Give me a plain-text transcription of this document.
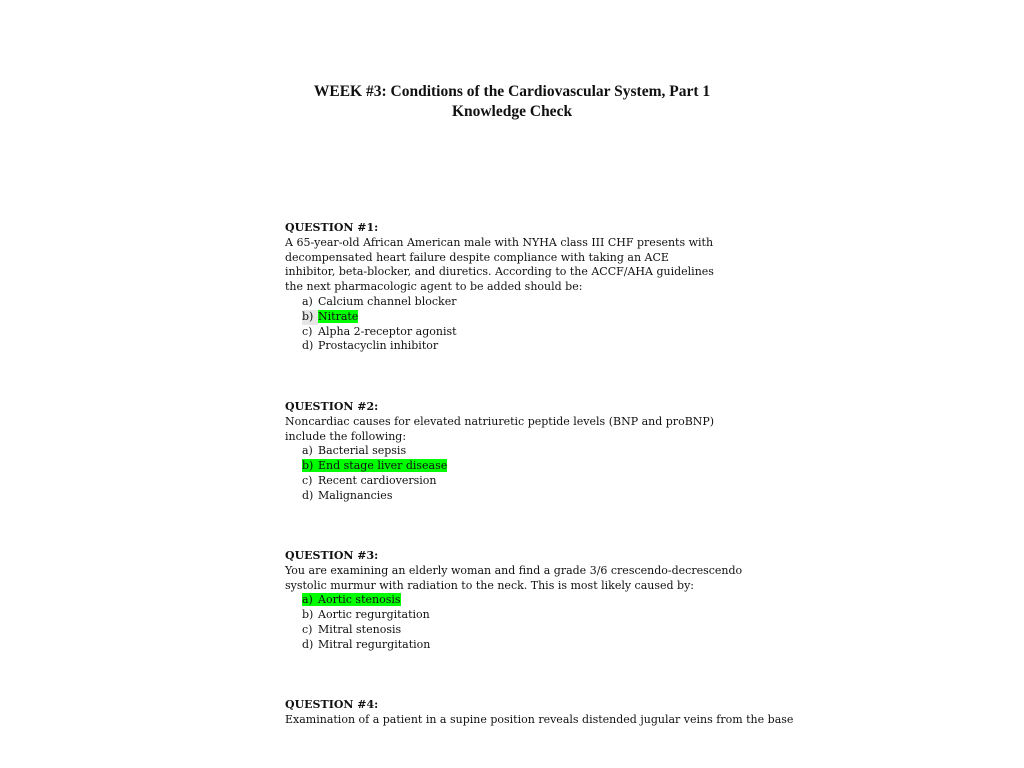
WEEK #3: Conditions of the Cardiovascular System, Part 1
Knowledge Check
QUESTION #1:

A 65-year-old African American male with NYHA class III CHF presents with decompensated heart failure despite compliance with taking an ACE inhibitor, beta-blocker, and diuretics. According to the ACCF/AHA guidelines the next pharmacologic agent to be added should be:

a) Calcium channel blocker
b) Nitrate
c) Alpha 2-receptor agonist
d) Prostacyclin inhibitor
QUESTION #2:

Noncardiac causes for elevated natriuretic peptide levels (BNP and proBNP) include the following:

a) Bacterial sepsis
b) End stage liver disease
c) Recent cardioversion
d) Malignancies
QUESTION #3:

You are examining an elderly woman and find a grade 3/6 crescendo-decrescendo systolic murmur with radiation to the neck. This is most likely caused by:

a) Aortic stenosis
b) Aortic regurgitation
c) Mitral stenosis
d) Mitral regurgitation
QUESTION #4:

Examination of a patient in a supine position reveals distended jugular veins from the base
